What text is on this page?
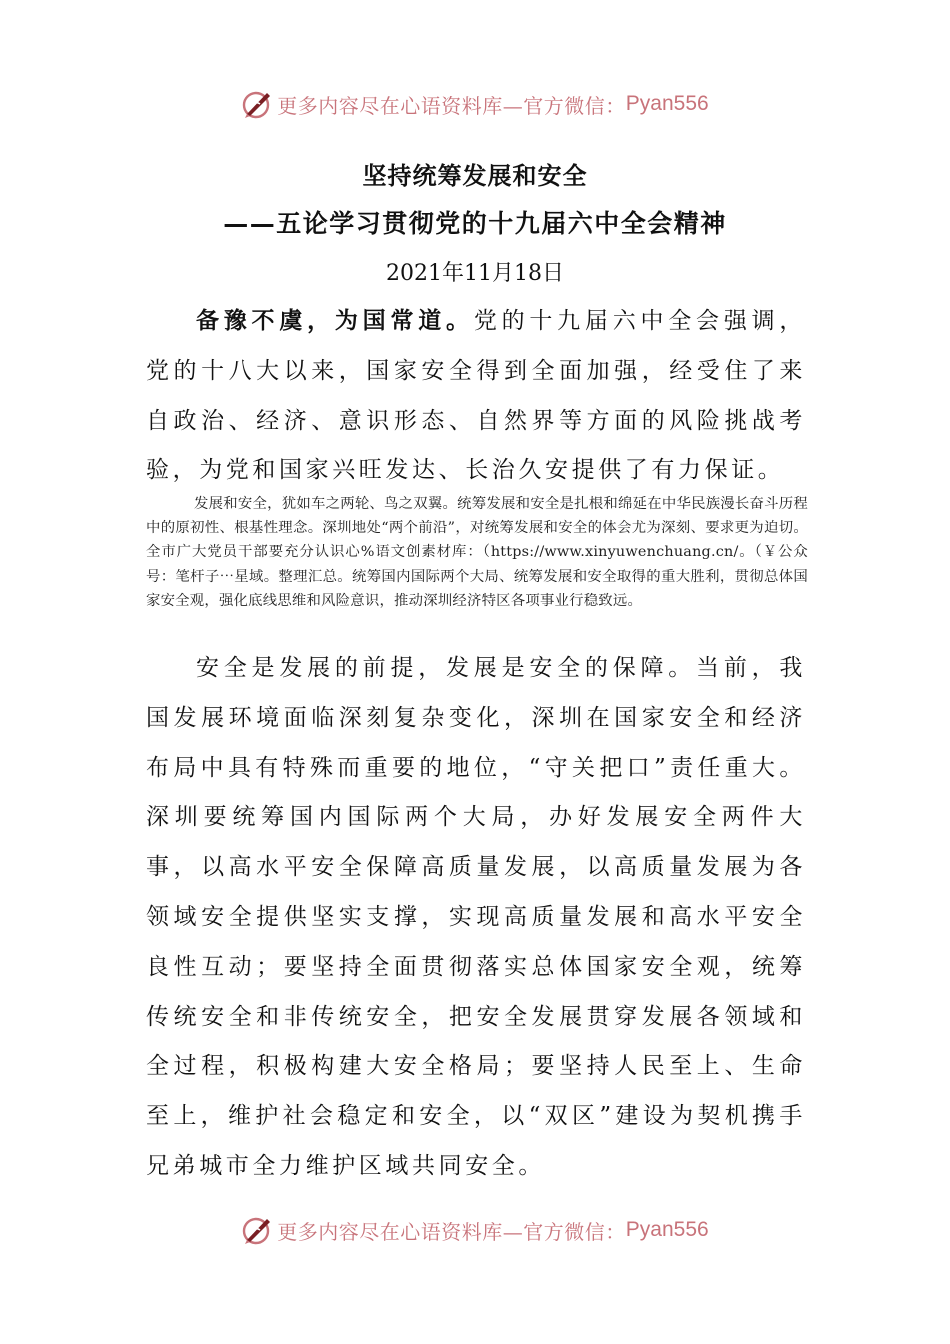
更多内容尽在心语资料库—官方微信： Pyan556
坚持统筹发展和安全
——五论学习贯彻党的十九届六中全会精神
2021年11月18日

备豫不虞，为国常道。党的十九届六中全会强调，党的十八大以来，国家安全得到全面加强，经受住了来自政治、经济、意识形态、自然界等方面的风险挑战考验，为党和国家兴旺发达、长治久安提供了有力保证。

发展和安全，犹如车之两轮、鸟之双翼。统筹发展和安全是扎根和绵延在中华民族漫长奋斗历程中的原初性、根基性理念。深圳地处“两个前沿”，对统筹发展和安全的体会尤为深刻、要求更为迫切。全市广大党员干部要充分认识心%语文创素材库：（https://www.xinyuwenchuang.cn/。（￥公众号：笔杆子⋯星域。整理汇总。统筹国内国际两个大局、统筹发展和安全取得的重大胜利，贯彻总体国家安全观，强化底线思维和风险意识，推动深圳经济特区各项事业行稳致远。

安全是发展的前提，发展是安全的保障。当前，我国发展环境面临深刻复杂变化，深圳在国家安全和经济布局中具有特殊而重要的地位，“守关把口”责任重大。深圳要统筹国内国际两个大局，办好发展安全两件大事，以高水平安全保障高质量发展，以高质量发展为各领域安全提供坚实支撑，实现高质量发展和高水平安全良性互动；要坚持全面贯彻落实总体国家安全观，统筹传统安全和非传统安全，把安全发展贯穿发展各领域和全过程，积极构建大安全格局；要坚持人民至上、生命至上，维护社会稳定和安全，以“双区”建设为契机携手兄弟城市全力维护区域共同安全。

更多内容尽在心语资料库—官方微信： Pyan556
